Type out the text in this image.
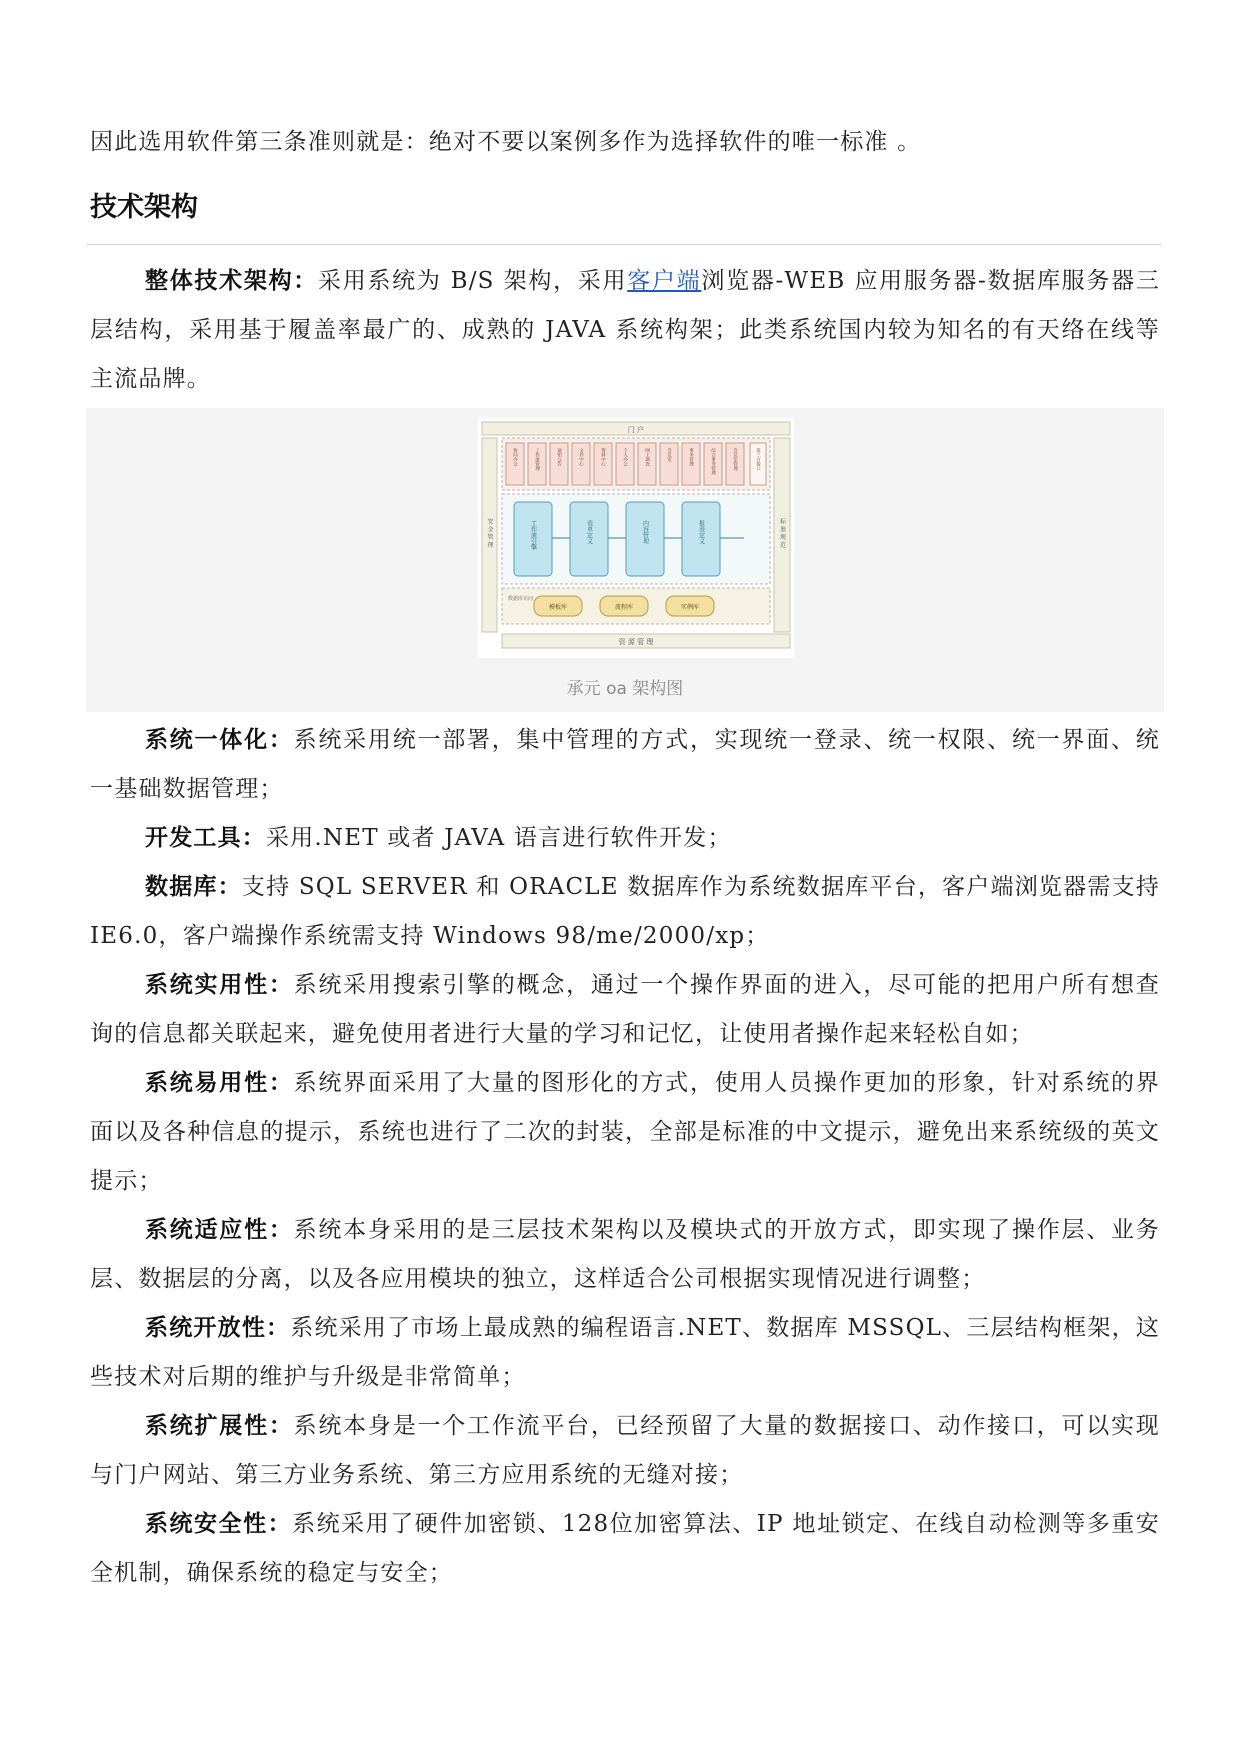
因此选用软件第三条准则就是：绝对不要以案例多作为选择软件的唯一标准 。

技术架构

整体技术架构：采用系统为 B/S 架构，采用客户端浏览器-WEB 应用服务器-数据库服务器三层结构，采用基于履盖率最广的、成熟的 JAVA 系统构架；此类系统国内较为知名的有天络在线等主流品牌。

门 户
安 全 管 理	标 准 规 范
协同办公	工作流管理	通知公告	文件中心	资料中心	个人办公	网上调查	会议室	事务管理	综合事务管理	会议室管理	第三方接口
工作流引擎	表单定义	内容管理	报表定义
数据库访问
模板库	流程库	实例库
资 源 管 理
承元 oa 架构图

系统一体化：系统采用统一部署，集中管理的方式，实现统一登录、统一权限、统一界面、统一基础数据管理；

开发工具：采用.NET 或者 JAVA 语言进行软件开发；

数据库：支持 SQL SERVER 和 ORACLE 数据库作为系统数据库平台，客户端浏览器需支持 IE6.0，客户端操作系统需支持 Windows 98/me/2000/xp；

系统实用性：系统采用搜索引擎的概念，通过一个操作界面的进入，尽可能的把用户所有想查询的信息都关联起来，避免使用者进行大量的学习和记忆，让使用者操作起来轻松自如；

系统易用性：系统界面采用了大量的图形化的方式，使用人员操作更加的形象，针对系统的界面以及各种信息的提示，系统也进行了二次的封装，全部是标准的中文提示，避免出来系统级的英文提示；

系统适应性：系统本身采用的是三层技术架构以及模块式的开放方式，即实现了操作层、业务层、数据层的分离，以及各应用模块的独立，这样适合公司根据实现情况进行调整；

系统开放性：系统采用了市场上最成熟的编程语言.NET、数据库 MSSQL、三层结构框架，这些技术对后期的维护与升级是非常简单；

系统扩展性：系统本身是一个工作流平台，已经预留了大量的数据接口、动作接口，可以实现与门户网站、第三方业务系统、第三方应用系统的无缝对接；

系统安全性：系统采用了硬件加密锁、128位加密算法、IP 地址锁定、在线自动检测等多重安全机制，确保系统的稳定与安全；
